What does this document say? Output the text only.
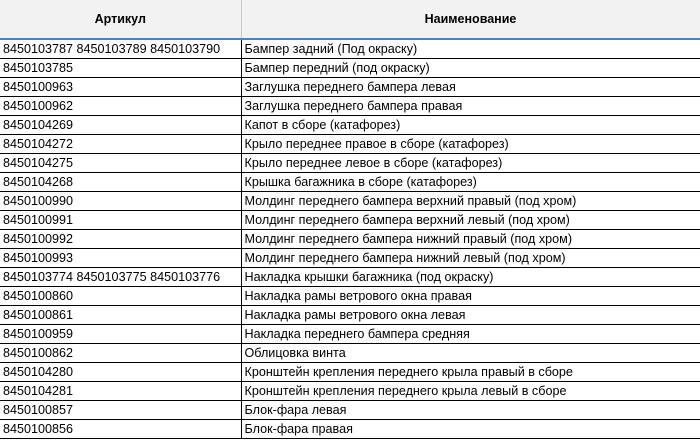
Артикул	Наименование
8450103787 8450103789 8450103790	Бампер задний (Под окраску)
8450103785	Бампер передний (под окраску)
8450100963	Заглушка переднего бампера левая
8450100962	Заглушка переднего бампера правая
8450104269	Капот в сборе (катафорез)
8450104272	Крыло переднее правое в сборе (катафорез)
8450104275	Крыло переднее левое в сборе (катафорез)
8450104268	Крышка багажника в сборе (катафорез)
8450100990	Молдинг переднего бампера верхний правый (под хром)
8450100991	Молдинг переднего бампера верхний левый (под хром)
8450100992	Молдинг переднего бампера нижний правый (под хром)
8450100993	Молдинг переднего бампера нижний левый (под хром)
8450103774 8450103775 8450103776	Накладка крышки багажника (под окраску)
8450100860	Накладка рамы ветрового окна правая
8450100861	Накладка рамы ветрового окна левая
8450100959	Накладка переднего бампера средняя
8450100862	Облицовка винта
8450104280	Кронштейн крепления переднего крыла правый в сборе
8450104281	Кронштейн крепления переднего крыла левый в сборе
8450100857	Блок-фара левая
8450100856	Блок-фара правая
